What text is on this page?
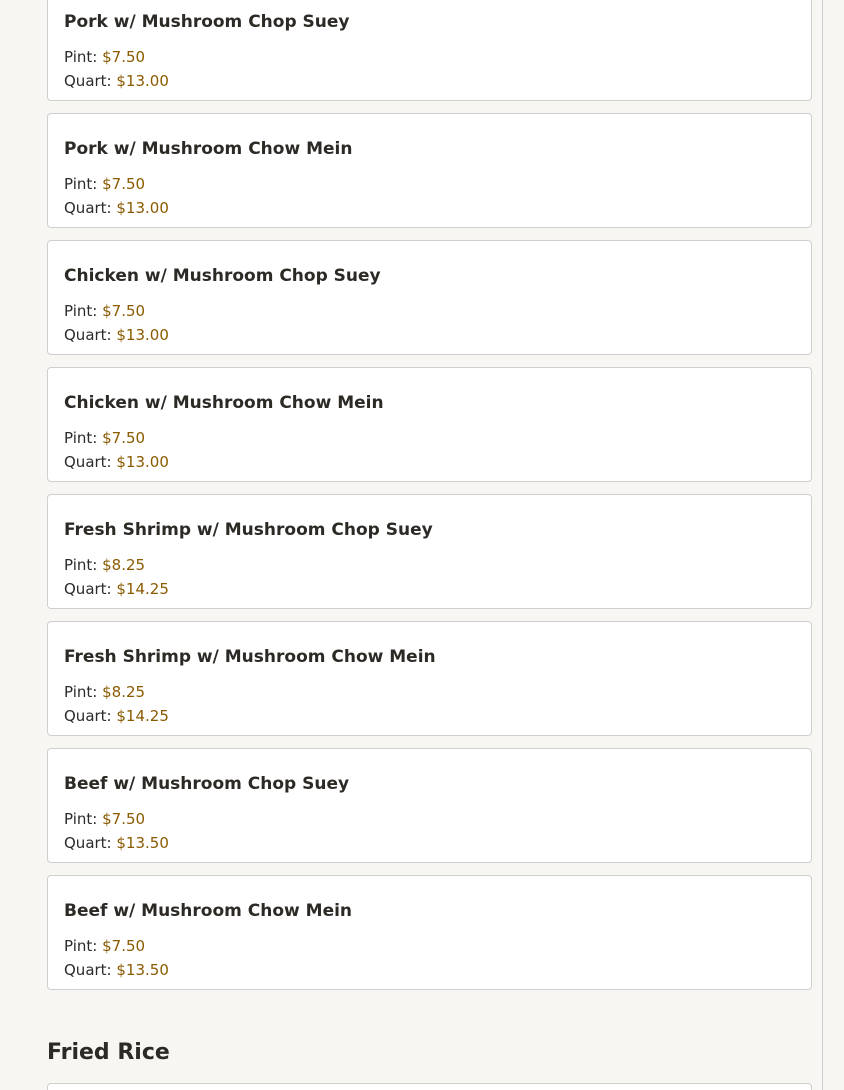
Pork w/ Mushroom Chop Suey
Pint: $7.50
Quart: $13.00
Pork w/ Mushroom Chow Mein
Pint: $7.50
Quart: $13.00
Chicken w/ Mushroom Chop Suey
Pint: $7.50
Quart: $13.00
Chicken w/ Mushroom Chow Mein
Pint: $7.50
Quart: $13.00
Fresh Shrimp w/ Mushroom Chop Suey
Pint: $8.25
Quart: $14.25
Fresh Shrimp w/ Mushroom Chow Mein
Pint: $8.25
Quart: $14.25
Beef w/ Mushroom Chop Suey
Pint: $7.50
Quart: $13.50
Beef w/ Mushroom Chow Mein
Pint: $7.50
Quart: $13.50
Fried Rice
